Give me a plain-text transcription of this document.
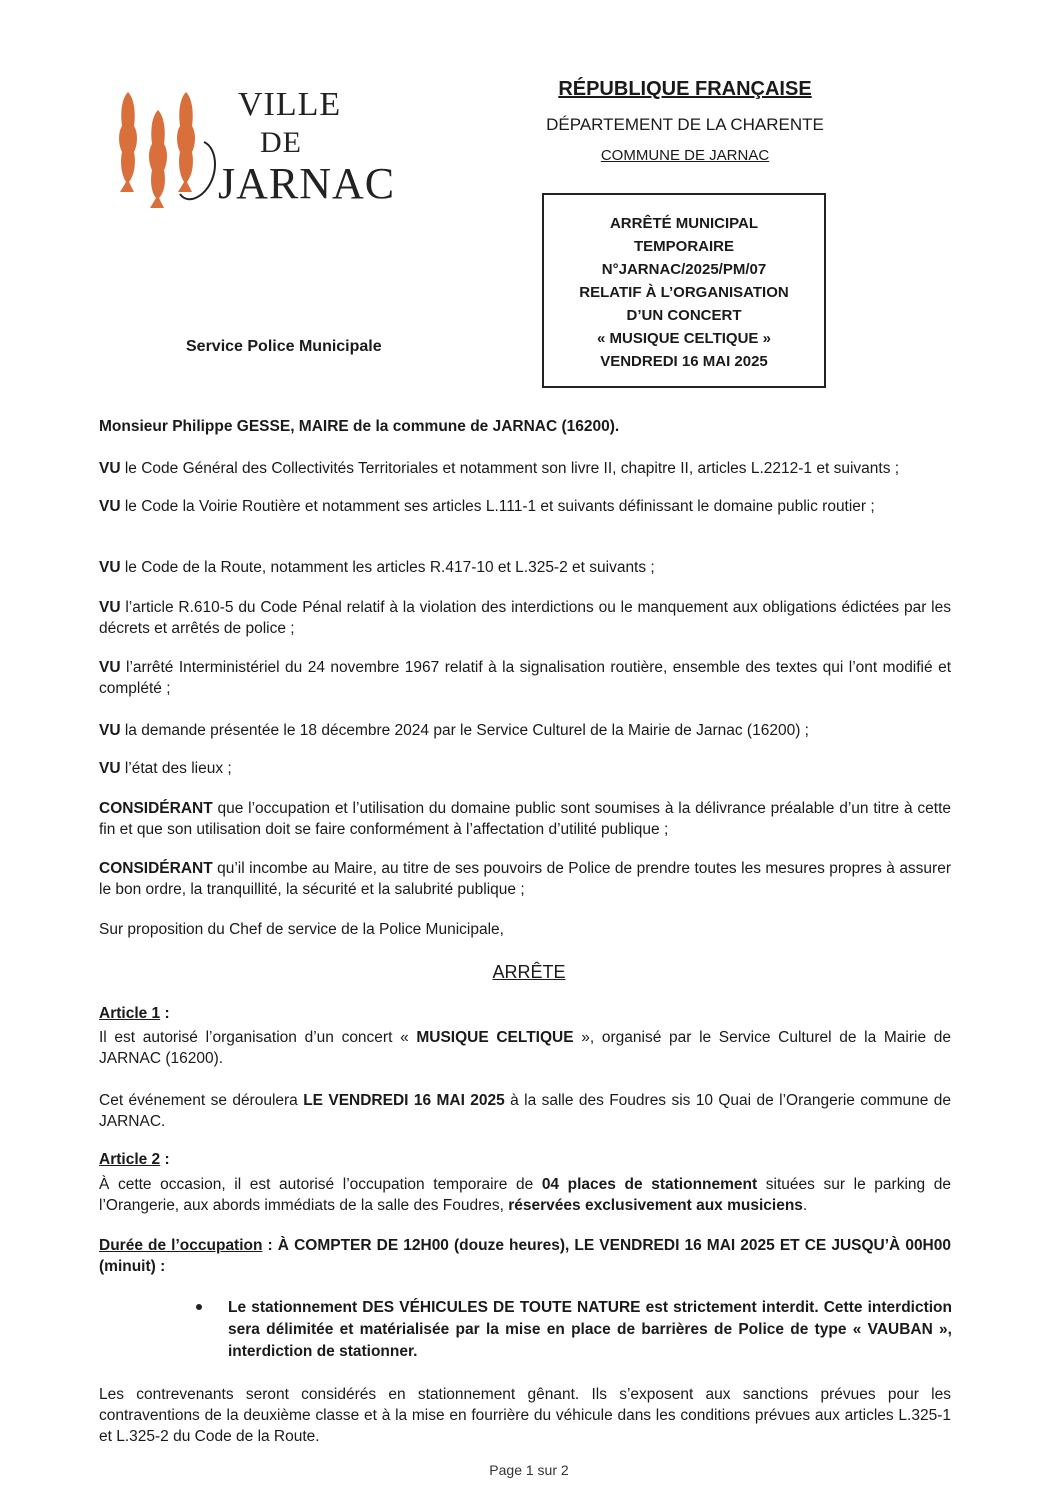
VILLE
DE
JARNAC
Service Police Municipale
RÉPUBLIQUE FRANÇAISE
DÉPARTEMENT DE LA CHARENTE
COMMUNE DE JARNAC
ARRÊTÉ MUNICIPAL
TEMPORAIRE
N°JARNAC/2025/PM/07
RELATIF À L’ORGANISATION
D’UN CONCERT
« MUSIQUE CELTIQUE »
VENDREDI 16 MAI 2025
Monsieur Philippe GESSE, MAIRE de la commune de JARNAC (16200).
VU le Code Général des Collectivités Territoriales et notamment son livre II, chapitre II, articles L.2212-1 et suivants ;
VU le Code la Voirie Routière et notamment ses articles L.111-1 et suivants définissant le domaine public routier ;
VU le Code de la Route, notamment les articles R.417-10 et L.325-2 et suivants ;
VU l’article R.610-5 du Code Pénal relatif à la violation des interdictions ou le manquement aux obligations édictées par les décrets et arrêtés de police ;
VU l’arrêté Interministériel du 24 novembre 1967 relatif à la signalisation routière, ensemble des textes qui l’ont modifié et complété ;
VU la demande présentée le 18 décembre 2024 par le Service Culturel de la Mairie de Jarnac (16200) ;
VU l’état des lieux ;
CONSIDÉRANT que l’occupation et l’utilisation du domaine public sont soumises à la délivrance préalable d’un titre à cette fin et que son utilisation doit se faire conformément à l’affectation d’utilité publique ;
CONSIDÉRANT qu’il incombe au Maire, au titre de ses pouvoirs de Police de prendre toutes les mesures propres à assurer le bon ordre, la tranquillité, la sécurité et la salubrité publique ;
Sur proposition du Chef de service de la Police Municipale,
ARRÊTE
Article 1 :
Il est autorisé l’organisation d’un concert « MUSIQUE CELTIQUE », organisé par le Service Culturel de la Mairie de JARNAC (16200).
Cet événement se déroulera LE VENDREDI 16 MAI 2025 à la salle des Foudres sis 10 Quai de l’Orangerie commune de JARNAC.
Article 2 :
À cette occasion, il est autorisé l’occupation temporaire de 04 places de stationnement situées sur le parking de l’Orangerie, aux abords immédiats de la salle des Foudres, réservées exclusivement aux musiciens.
Durée de l’occupation : À COMPTER DE 12H00 (douze heures), LE VENDREDI 16 MAI 2025 ET CE JUSQU’À 00H00 (minuit) :
Le stationnement DES VÉHICULES DE TOUTE NATURE est strictement interdit. Cette interdiction sera délimitée et matérialisée par la mise en place de barrières de Police de type « VAUBAN », interdiction de stationner.
Les contrevenants seront considérés en stationnement gênant. Ils s’exposent aux sanctions prévues pour les contraventions de la deuxième classe et à la mise en fourrière du véhicule dans les conditions prévues aux articles L.325-1 et L.325-2 du Code de la Route.
Page 1 sur 2
